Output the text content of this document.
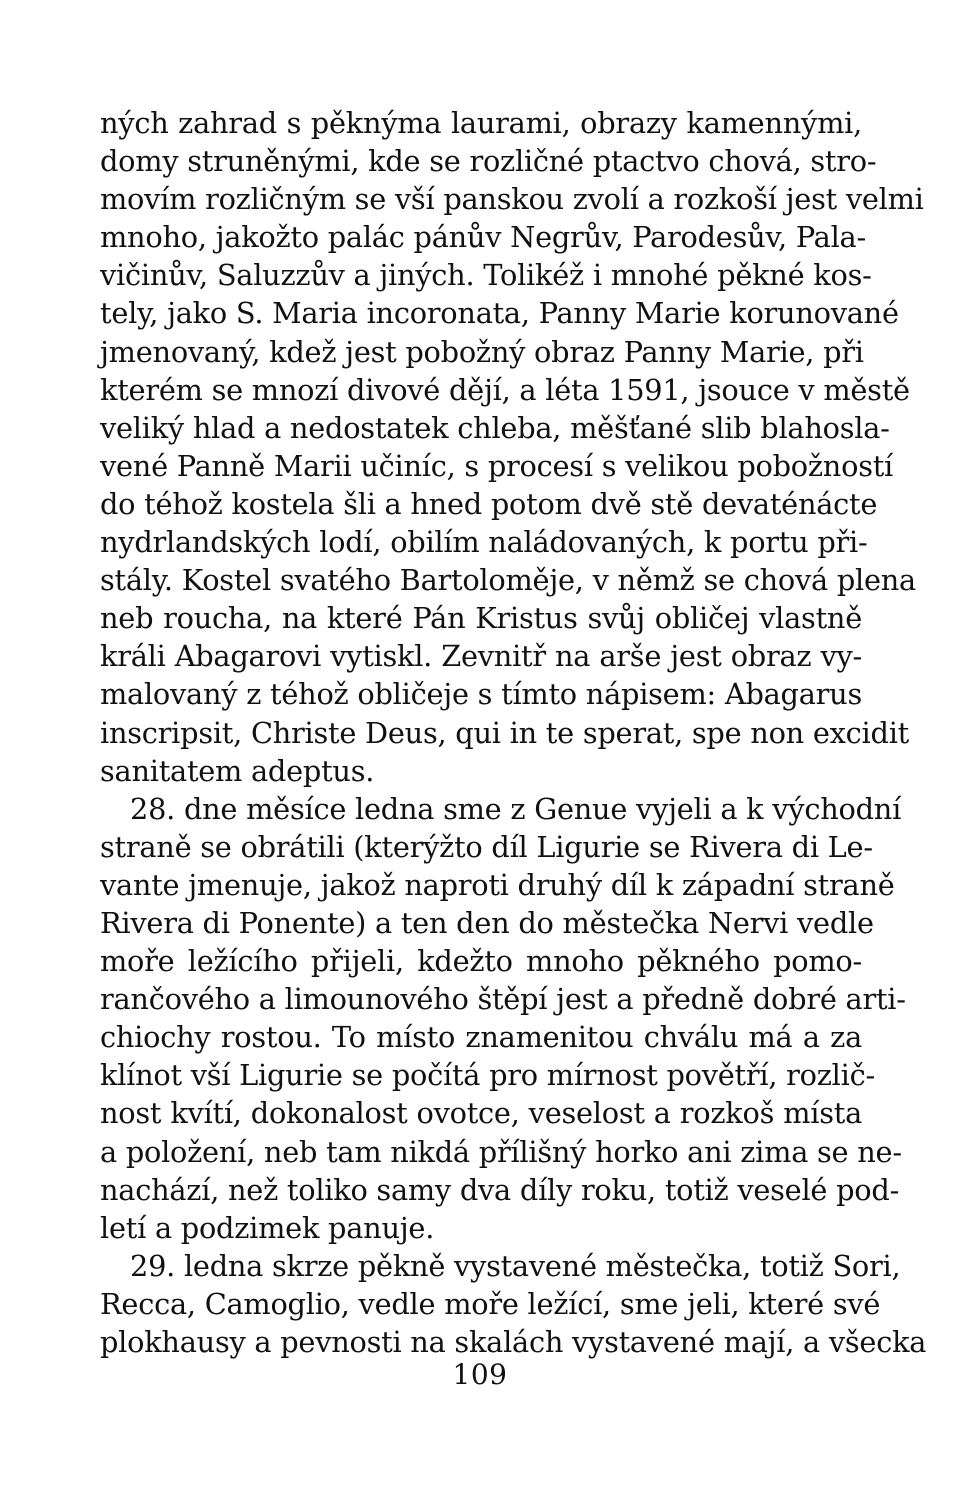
ných zahrad s pěknýma laurami, obrazy kamennými,
domy struněnými, kde se rozličné ptactvo chová, stro-
movím rozličným se vší panskou zvolí a rozkoší jest velmi
mnoho, jakožto palác pánův Negrův, Parodesův, Pala-
vičinův, Saluzzův a jiných. Tolikéž i mnohé pěkné kos-
tely, jako S. Maria incoronata, Panny Marie korunované
jmenovaný, kdež jest pobožný obraz Panny Marie, při
kterém se mnozí divové dějí, a léta 1591, jsouce v městě
veliký hlad a nedostatek chleba, měšťané slib blahosla-
vené Panně Marii učiníc, s procesí s velikou pobožností
do téhož kostela šli a hned potom dvě stě devaténácte
nydrlandských lodí, obilím naládovaných, k portu při-
stály. Kostel svatého Bartoloměje, v němž se chová plena
neb roucha, na které Pán Kristus svůj obličej vlastně
králi Abagarovi vytiskl. Zevnitř na arše jest obraz vy-
malovaný z téhož obličeje s tímto nápisem: Abagarus
inscripsit, Christe Deus, qui in te sperat, spe non excidit
sanitatem adeptus.
28. dne měsíce ledna sme z Genue vyjeli a k východní
straně se obrátili (kterýžto díl Ligurie se Rivera di Le-
vante jmenuje, jakož naproti druhý díl k západní straně
Rivera di Ponente) a ten den do městečka Nervi vedle
moře ležícího přijeli, kdežto mnoho pěkného pomo-
rančového a limounového štěpí jest a předně dobré arti-
chiochy rostou. To místo znamenitou chválu má a za
klínot vší Ligurie se počítá pro mírnost povětří, rozlič-
nost kvítí, dokonalost ovotce, veselost a rozkoš místa
a položení, neb tam nikdá přílišný horko ani zima se ne-
nachází, než toliko samy dva díly roku, totiž veselé pod-
letí a podzimek panuje.
29. ledna skrze pěkně vystavené městečka, totiž Sori,
Recca, Camoglio, vedle moře ležící, sme jeli, které své
plokhausy a pevnosti na skalách vystavené mají, a všecka
109
